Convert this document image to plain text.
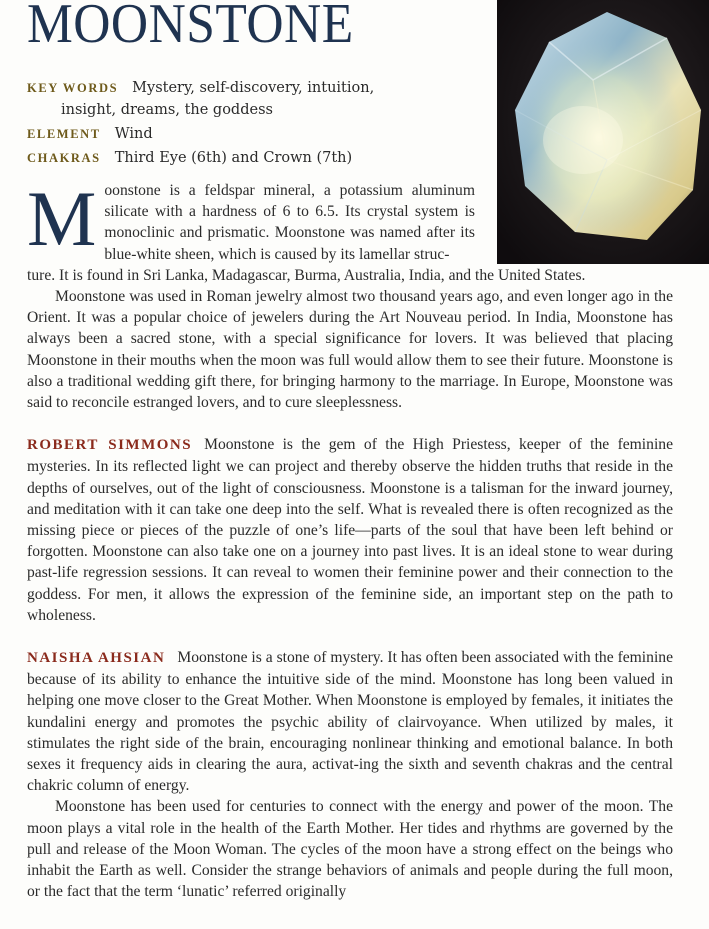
MOONSTONE

KEY WORDS Mystery, self-discovery, intuition,
insight, dreams, the goddess

ELEMENT Wind

CHAKRAS Third Eye (6th) and Crown (7th)

M oonstone is a feldspar mineral, a potassium aluminum silicate with a hardness of 6 to 6.5. Its crystal system is monoclinic and prismatic. Moonstone was named after its blue-white sheen, which is caused by its lamellar struc-

ture. It is found in Sri Lanka, Madagascar, Burma, Australia, India, and the United States.

Moonstone was used in Roman jewelry almost two thousand years ago, and even longer ago in the Orient. It was a popular choice of jewelers during the Art Nouveau period. In India, Moonstone has always been a sacred stone, with a special significance for lovers. It was believed that placing Moonstone in their mouths when the moon was full would allow them to see their future. Moonstone is also a traditional wedding gift there, for bringing harmony to the marriage. In Europe, Moonstone was said to reconcile estranged lovers, and to cure sleeplessness.

ROBERT SIMMONS Moonstone is the gem of the High Priestess, keeper of the feminine mysteries. In its reflected light we can project and thereby observe the hidden truths that reside in the depths of ourselves, out of the light of consciousness. Moonstone is a talisman for the inward journey, and meditation with it can take one deep into the self. What is revealed there is often recognized as the missing piece or pieces of the puzzle of one’s life—parts of the soul that have been left behind or forgotten. Moonstone can also take one on a journey into past lives. It is an ideal stone to wear during past-life regression sessions. It can reveal to women their feminine power and their connection to the goddess. For men, it allows the expression of the feminine side, an important step on the path to wholeness.

NAISHA AHSIAN Moonstone is a stone of mystery. It has often been associated with the feminine because of its ability to enhance the intuitive side of the mind. Moonstone has long been valued in helping one move closer to the Great Mother. When Moonstone is employed by females, it initiates the kundalini energy and promotes the psychic ability of clairvoyance. When utilized by males, it stimulates the right side of the brain, encouraging nonlinear thinking and emotional balance. In both sexes it frequency aids in clearing the aura, activat-ing the sixth and seventh chakras and the central chakric column of energy.

Moonstone has been used for centuries to connect with the energy and power of the moon. The moon plays a vital role in the health of the Earth Mother. Her tides and rhythms are governed by the pull and release of the Moon Woman. The cycles of the moon have a strong effect on the beings who inhabit the Earth as well. Consider the strange behaviors of animals and people during the full moon, or the fact that the term ‘lunatic’ referred originally
